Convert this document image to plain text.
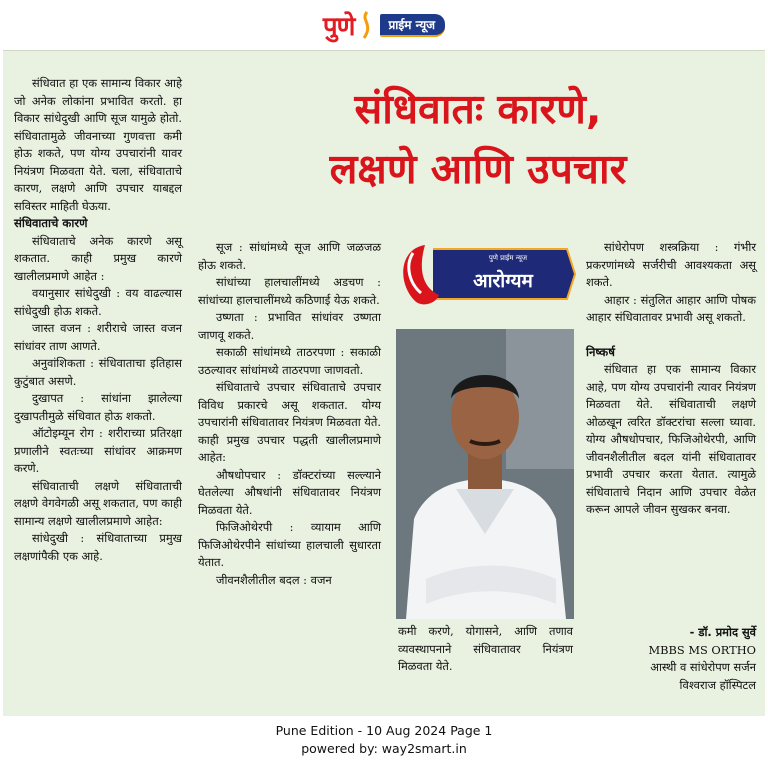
पुणे	प्राईम न्यूज

संधिवात हा एक सामान्य विकार आहे जो अनेक लोकांना प्रभावित करतो. हा विकार सांधेदुखी आणि सूज यामुळे होतो. संधिवातामुळे जीवनाच्या गुणवत्ता कमी होऊ शकते, पण योग्य उपचारांनी यावर नियंत्रण मिळवता येते. चला, संधिवाताचे कारण, लक्षणे आणि उपचार याबद्दल सविस्तर माहिती घेऊया.

संधिवाताचे कारणे

संधिवाताचे अनेक कारणे असू शकतात. काही प्रमुख कारणे खालीलप्रमाणे आहेत :

वयानुसार सांधेदुखी : वय वाढल्यास सांधेदुखी होऊ शकते.

जास्त वजन : शरीराचे जास्त वजन सांधांवर ताण आणते.

अनुवांशिकता : संधिवाताचा इतिहास कुटुंबात असणे.

दुखापत : सांधांना झालेल्या दुखापतीमुळे संधिवात होऊ शकतो.

ऑटोइम्यून रोग : शरीराच्या प्रतिरक्षा प्रणालीने स्वतःच्या सांधांवर आक्रमण करणे.

संधिवाताची लक्षणे संधिवाताची लक्षणे वेगवेगळी असू शकतात, पण काही सामान्य लक्षणे खालीलप्रमाणे आहेत:

सांधेदुखी : संधिवाताच्या प्रमुख लक्षणांपैकी एक आहे.

संधिवातः कारणे,
लक्षणे आणि उपचार

सूज : सांधांमध्ये सूज आणि जळजळ होऊ शकते.

सांधांच्या हालचालींमध्ये अडचण : सांधांच्या हालचालींमध्ये कठिणाई येऊ शकते.

उष्णता : प्रभावित सांधांवर उष्णता जाणवू शकते.

सकाळी सांधांमध्ये ताठरपणा : सकाळी उठल्यावर सांधांमध्ये ताठरपणा जाणवतो.

संधिवाताचे उपचार संधिवाताचे उपचार विविध प्रकारचे असू शकतात. योग्य उपचारांनी संधिवातावर नियंत्रण मिळवता येते. काही प्रमुख उपचार पद्धती खालीलप्रमाणे आहेत:

औषधोपचार : डॉक्टरांच्या सल्ल्याने घेतलेल्या औषधांनी संधिवातावर नियंत्रण मिळवता येते.

फिजिओथेरपी : व्यायाम आणि फिजिओथेरपीने सांधांच्या हालचाली सुधारता येतात.

जीवनशैलीतील बदल : वजन

पुणे प्राईम न्यूज
आरोग्यम

कमी करणे, योगासने, आणि तणाव व्यवस्थापनाने संधिवातावर नियंत्रण मिळवता येते.

सांधेरोपण शस्त्रक्रिया : गंभीर प्रकरणांमध्ये सर्जरीची आवश्यकता असू शकते.

आहार : संतुलित आहार आणि पोषक आहार संधिवातावर प्रभावी असू शकतो.

निष्कर्ष

संधिवात हा एक सामान्य विकार आहे, पण योग्य उपचारांनी त्यावर नियंत्रण मिळवता येते. संधिवाताची लक्षणे ओळखून त्वरित डॉक्टरांचा सल्ला घ्यावा. योग्य औषधोपचार, फिजिओथेरपी, आणि जीवनशैलीतील बदल यांनी संधिवातावर प्रभावी उपचार करता येतात. त्यामुळे संधिवाताचे निदान आणि उपचार वेळेत करून आपले जीवन सुखकर बनवा.

- डॉ. प्रमोद सुर्वे
MBBS MS ORTHO
आस्थी व सांधेरोपण सर्जन
विश्वराज हॉस्पिटल
Pune Edition - 10 Aug 2024 Page 1
powered by: way2smart.in
